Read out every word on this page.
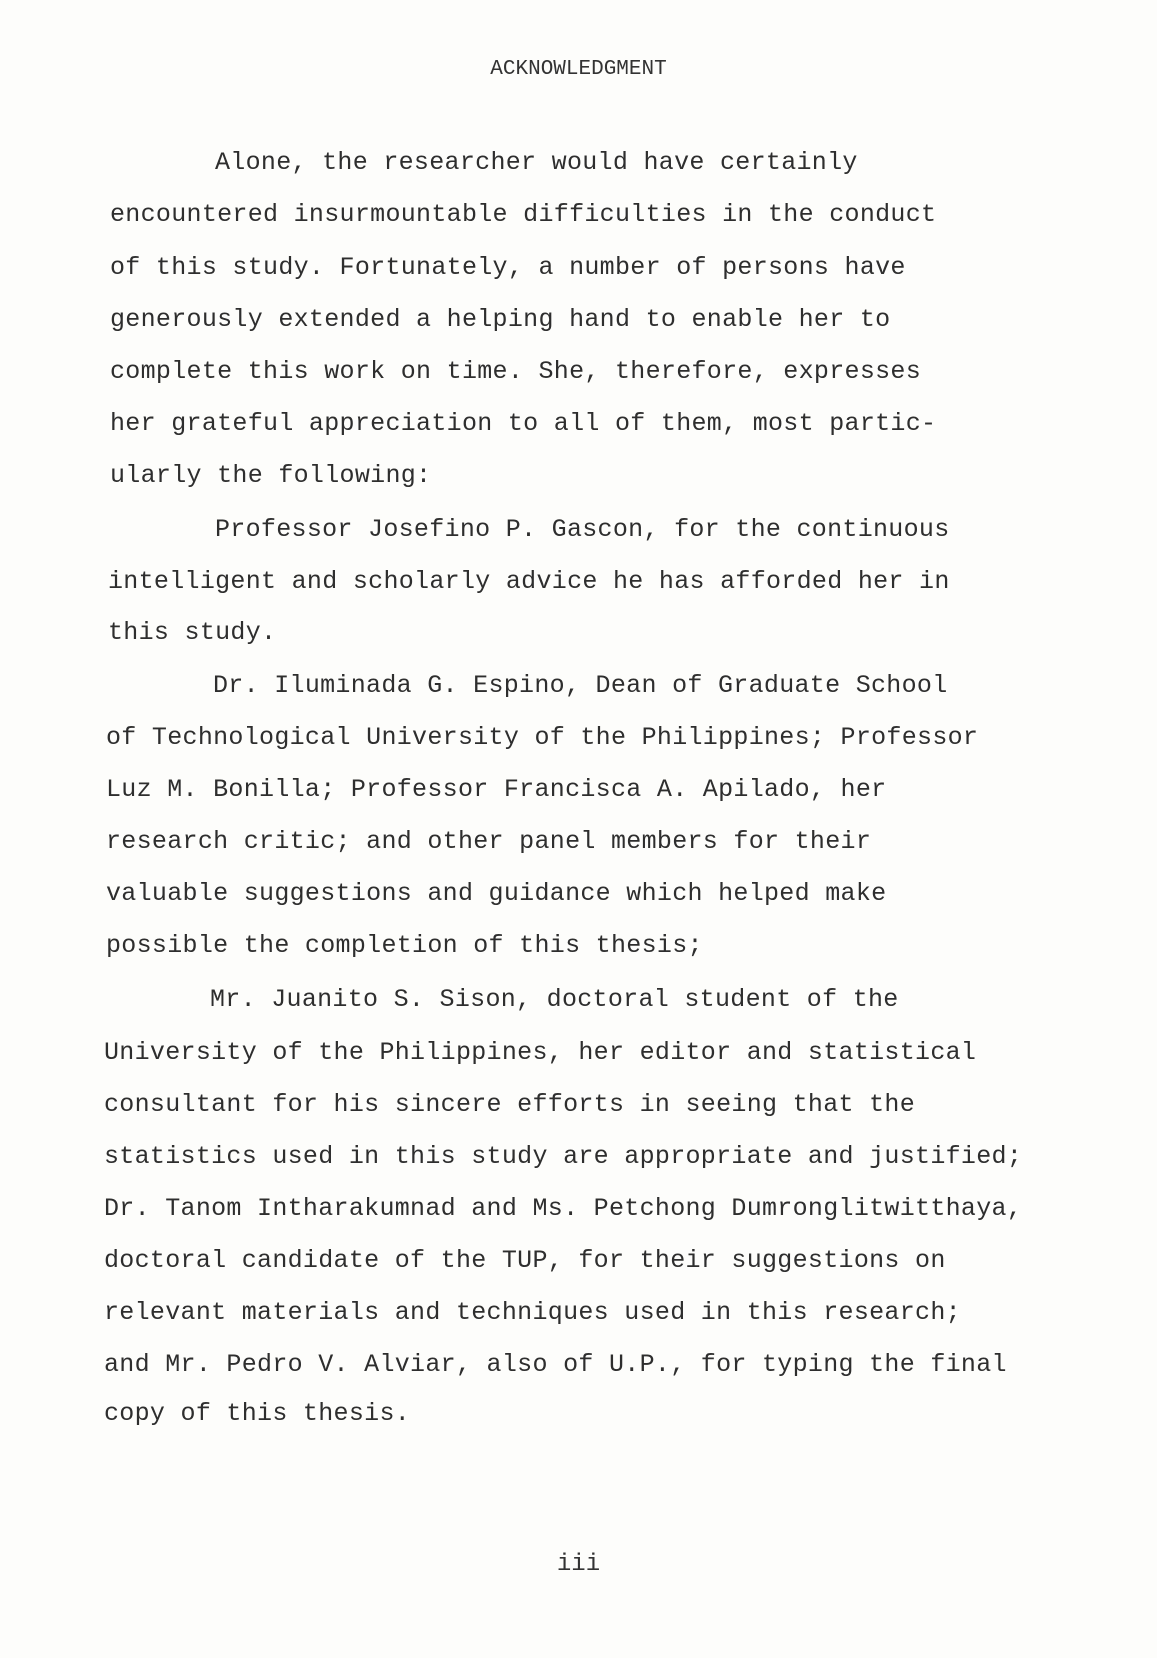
ACKNOWLEDGMENT
Alone, the researcher would have certainly
encountered insurmountable difficulties in the conduct
of this study. Fortunately, a number of persons have
generously extended a helping hand to enable her to
complete this work on time. She, therefore, expresses
her grateful appreciation to all of them, most partic-
ularly the following:
Professor Josefino P. Gascon, for the continuous
intelligent and scholarly advice he has afforded her in
this study.
Dr. Iluminada G. Espino, Dean of Graduate School
of Technological University of the Philippines; Professor
Luz M. Bonilla; Professor Francisca A. Apilado, her
research critic; and other panel members for their
valuable suggestions and guidance which helped make
possible the completion of this thesis;
Mr. Juanito S. Sison, doctoral student of the
University of the Philippines, her editor and statistical
consultant for his sincere efforts in seeing that the
statistics used in this study are appropriate and justified;
Dr. Tanom Intharakumnad and Ms. Petchong Dumronglitwitthaya,
doctoral candidate of the TUP, for their suggestions on
relevant materials and techniques used in this research;
and Mr. Pedro V. Alviar, also of U.P., for typing the final
copy of this thesis.
iii
